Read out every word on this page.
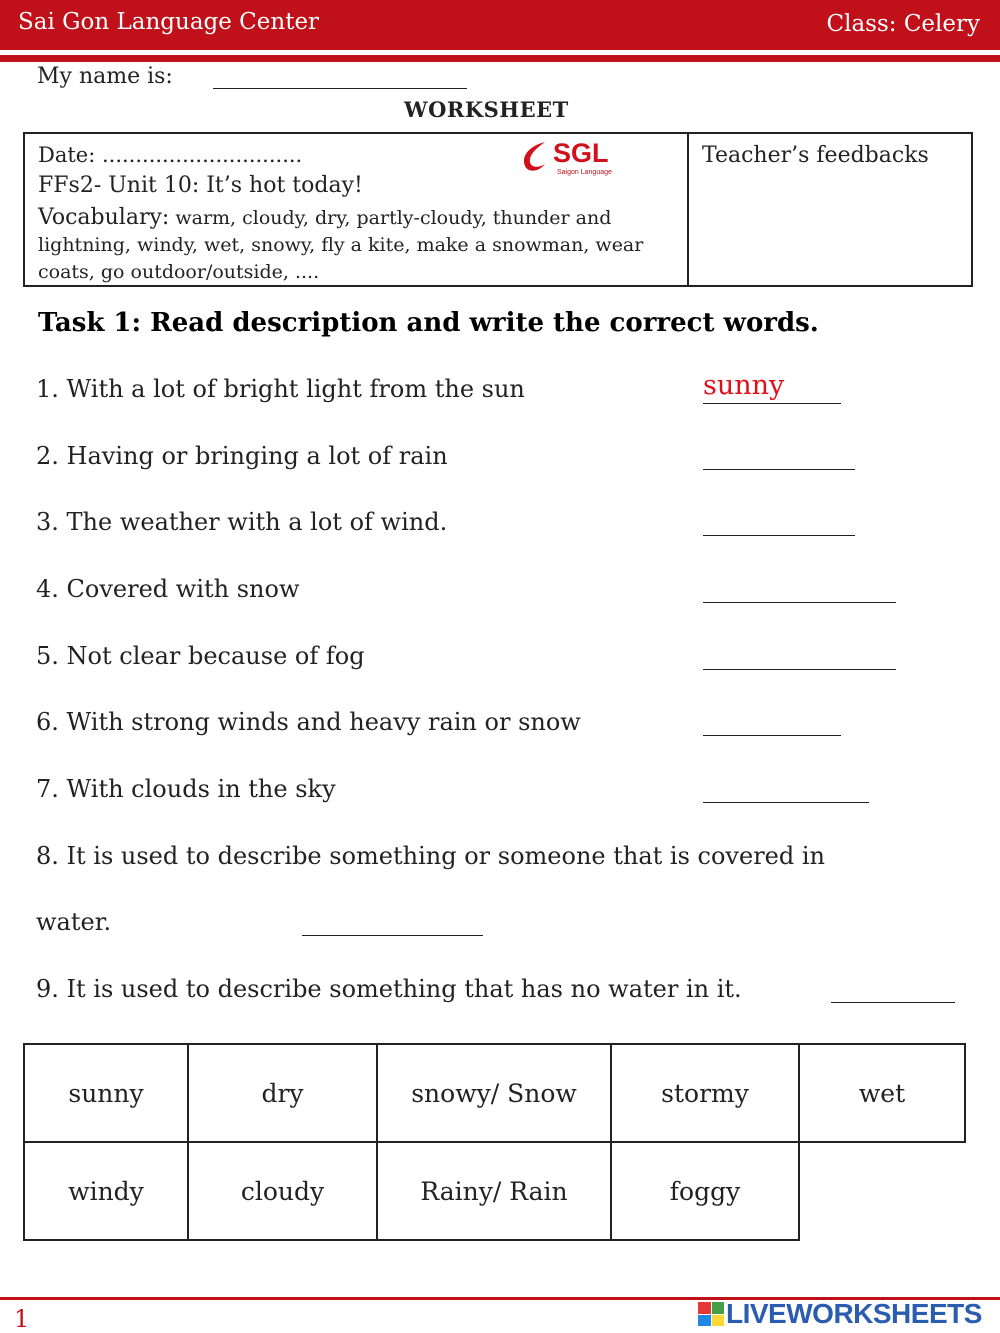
Sai Gon Language Center	Class: Celery
My name is:
WORKSHEET
Date: ..............................
FFs2- Unit 10: It’s hot today!
Vocabulary: warm, cloudy, dry, partly-cloudy, thunder and lightning, windy, wet, snowy, fly a kite, make a snowman, wear coats, go outdoor/outside, ....
SGL
Saigon Language
Teacher’s feedbacks
Task 1: Read description and write the correct words.
1. With a lot of bright light from the sun	sunny
2. Having or bringing a lot of rain
3. The weather with a lot of wind.
4. Covered with snow
5. Not clear because of fog
6. With strong winds and heavy rain or snow
7. With clouds in the sky
8. It is used to describe something or someone that is covered in
water.
9. It is used to describe something that has no water in it.
sunny	dry	snowy/ Snow	stormy	wet
windy	cloudy	Rainy/ Rain	foggy	
1	LIVEWORKSHEETS
